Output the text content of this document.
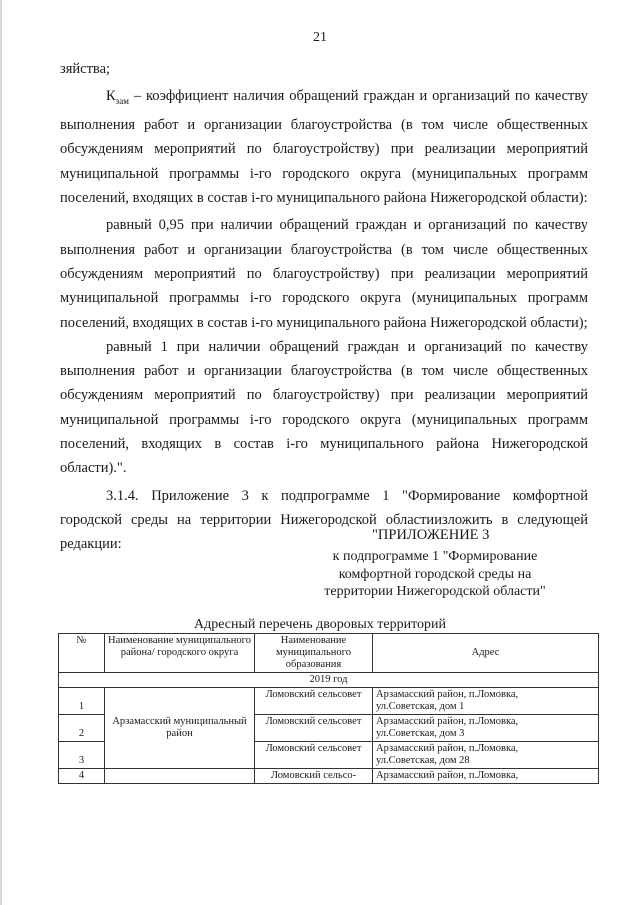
21

зяйства;

$К_{зам}$ – коэффициент наличия обращений граждан и организаций по качеству выполнения работ и организации благоустройства (в том числе общественных обсуждениям мероприятий по благоустройству) при реализации мероприятий муниципальной программы i-го городского округа (муниципальных программ поселений, входящих в состав i-го муниципального района Нижегородской области):

равный 0,95 при наличии обращений граждан и организаций по качеству выполнения работ и организации благоустройства (в том числе общественных обсуждениям мероприятий по благоустройству) при реализации мероприятий муниципальной программы i-го городского округа (муниципальных программ поселений, входящих в состав i-го муниципального района Нижегородской области);

равный 1 при наличии обращений граждан и организаций по качеству выполнения работ и организации благоустройства (в том числе общественных обсуждениям мероприятий по благоустройству) при реализации мероприятий муниципальной программы i-го городского округа (муниципальных программ поселений, входящих в состав i-го муниципального района Нижегородской области).".

3.1.4. Приложение 3 к подпрограмме 1 "Формирование комфортной городской среды на территории Нижегородской областиизложить в следующей редакции:

"ПРИЛОЖЕНИЕ 3
к подпрограмме 1 "Формирование комфортной городской среды на территории Нижегородской области"
Адресный перечень дворовых территорий
№	Наименование муниципального района/ городского округа	Наименование муниципального образования	Адрес
2019 год			
1	Арзамасский муниципальный район	Ломовский сельсовет	Арзамасский район, п.Ломовка,
ул.Советская, дом 1

2		Ломовский сельсовет	Арзамасский район, п.Ломовка,
ул.Советская, дом 3

3		Ломовский сельсовет	Арзамасский район, п.Ломовка,
ул.Советская, дом 28

4		Ломовский сельсо-	Арзамасский район, п.Ломовка,
